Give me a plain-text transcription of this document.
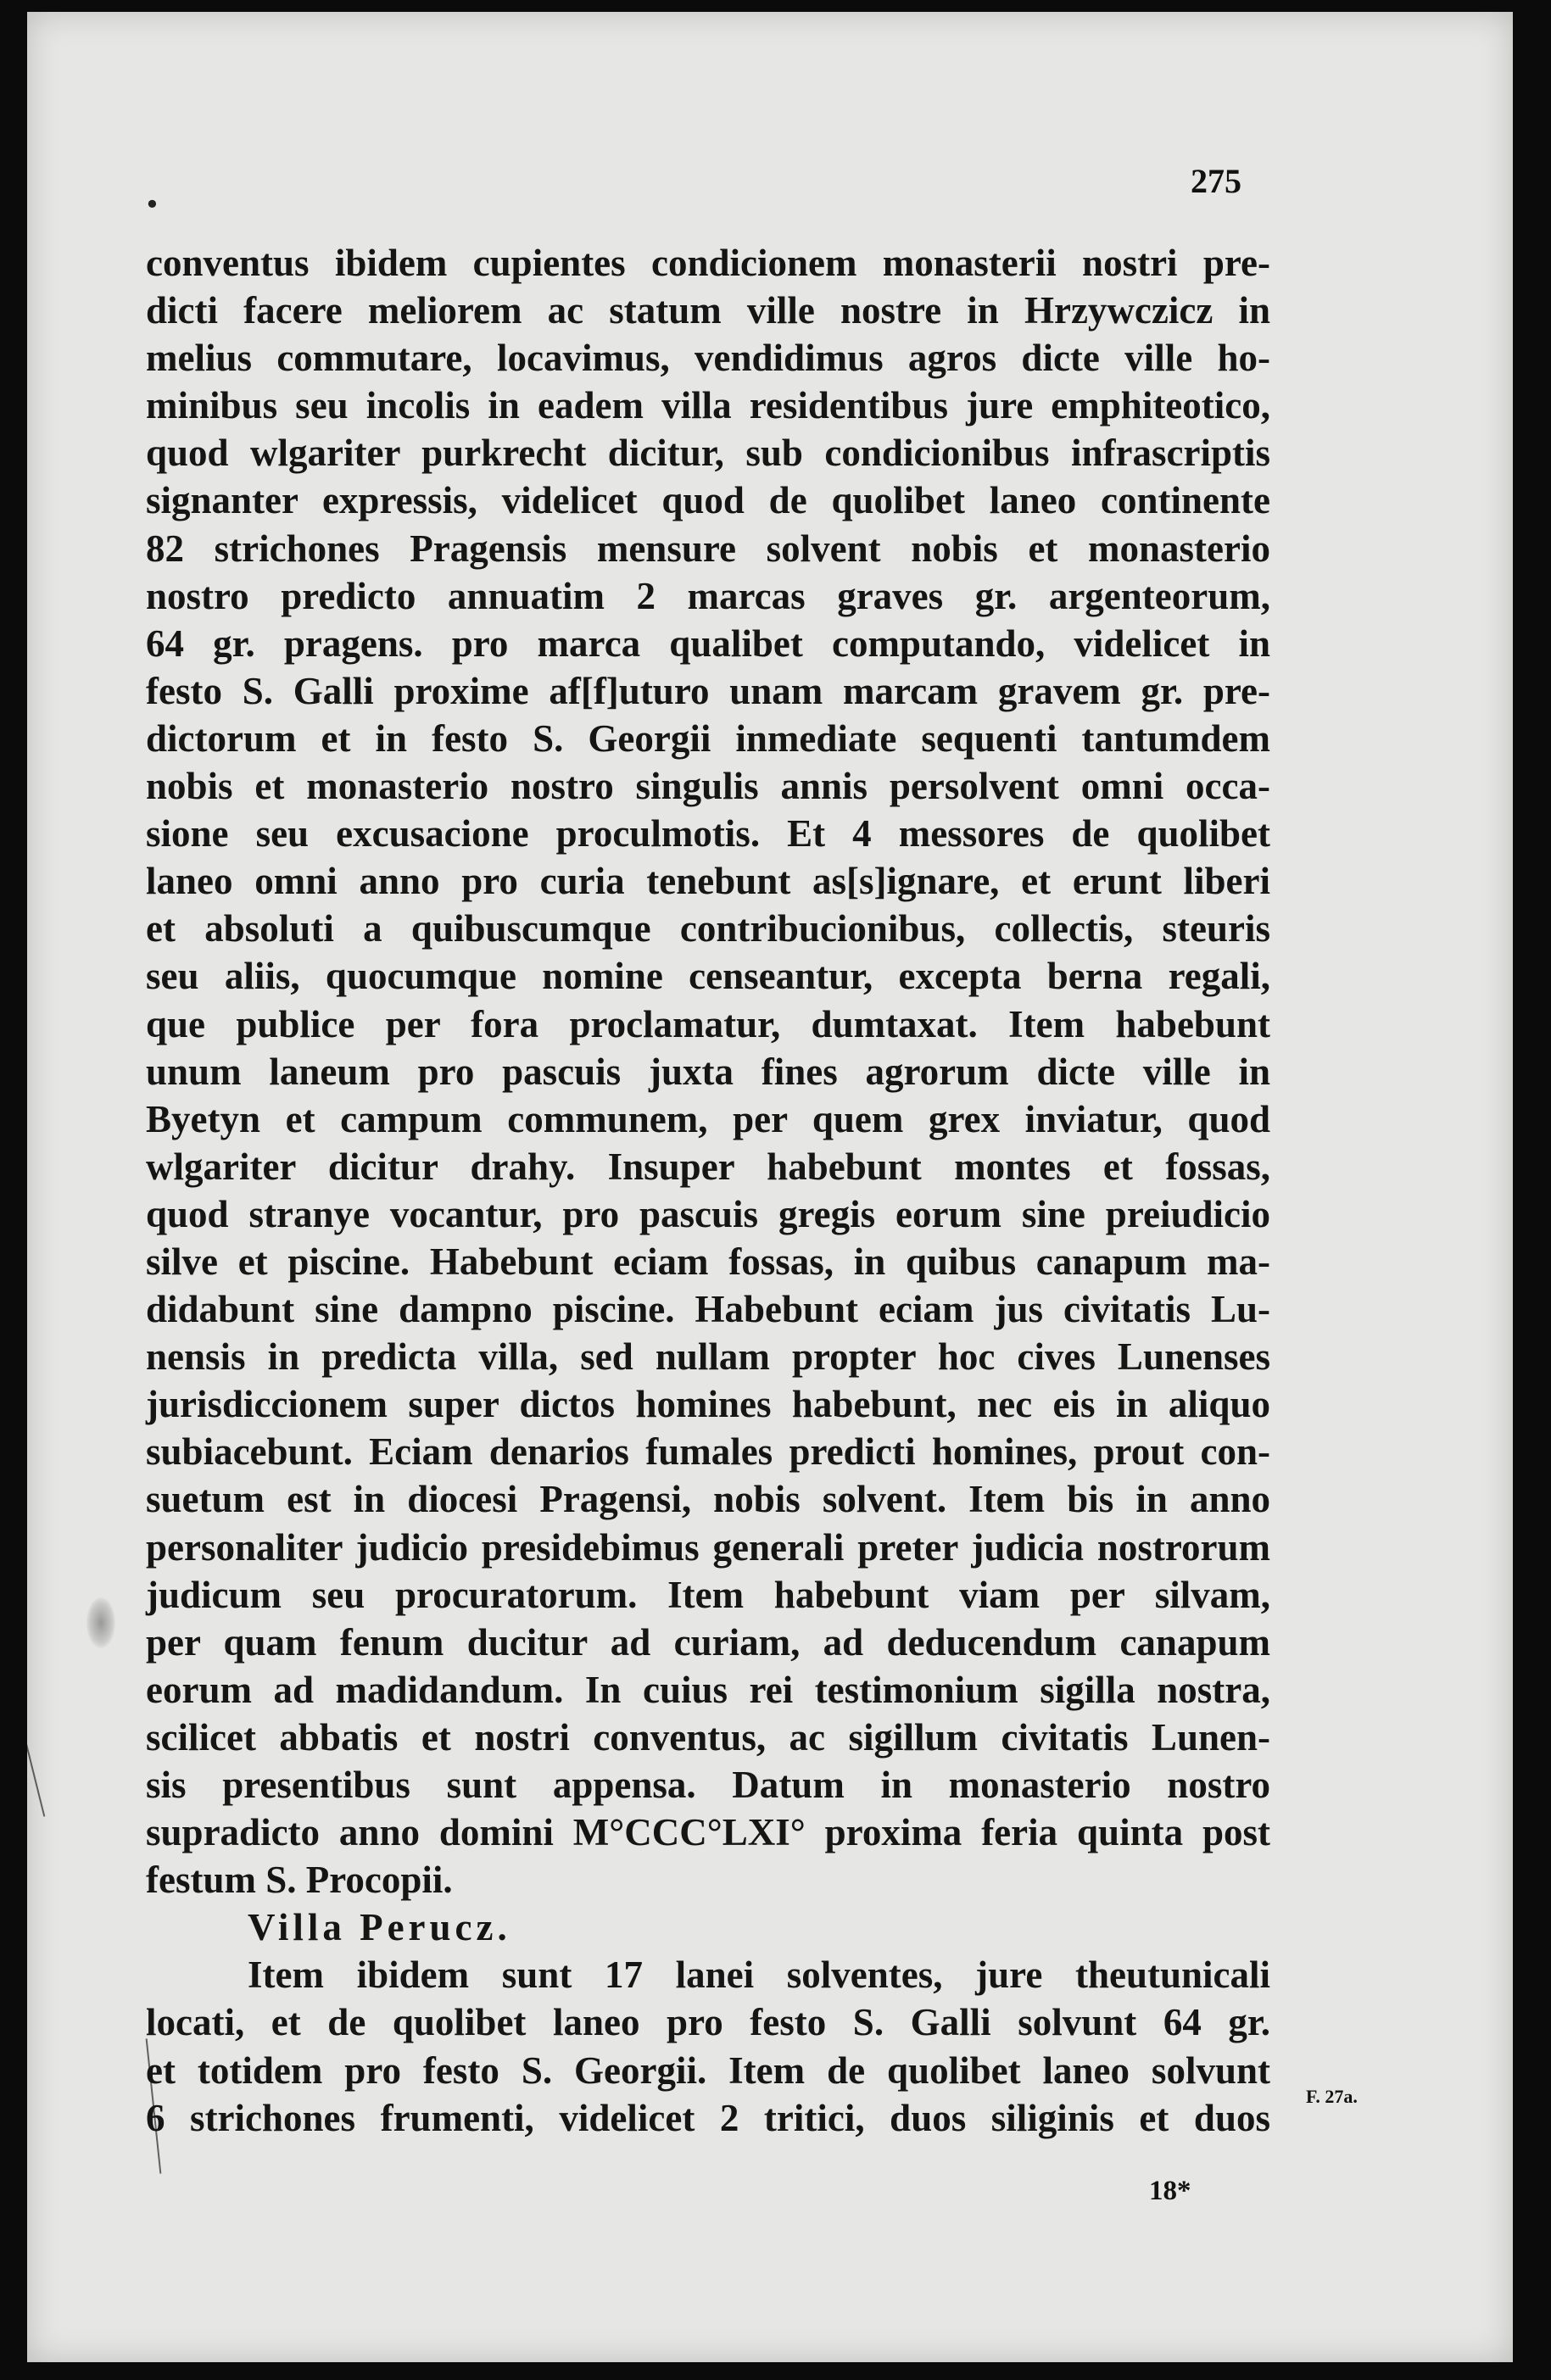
•
275
conventus ibidem cupientes condicionem monasterii nostri pre-
dicti facere meliorem ac statum ville nostre in Hrzywczicz in
melius commutare, locavimus, vendidimus agros dicte ville ho-
minibus seu incolis in eadem villa residentibus jure emphiteotico,
quod wlgariter purkrecht dicitur, sub condicionibus infrascriptis
signanter expressis, videlicet quod de quolibet laneo continente
82 strichones Pragensis mensure solvent nobis et monasterio
nostro predicto annuatim 2 marcas graves gr. argenteorum,
64 gr. pragens. pro marca qualibet computando, videlicet in
festo S. Galli proxime af[f]uturo unam marcam gravem gr. pre-
dictorum et in festo S. Georgii inmediate sequenti tantumdem
nobis et monasterio nostro singulis annis persolvent omni occa-
sione seu excusacione proculmotis. Et 4 messores de quolibet
laneo omni anno pro curia tenebunt as[s]ignare, et erunt liberi
et absoluti a quibuscumque contribucionibus, collectis, steuris
seu aliis, quocumque nomine censeantur, excepta berna regali,
que publice per fora proclamatur, dumtaxat. Item habebunt
unum laneum pro pascuis juxta fines agrorum dicte ville in
Byetyn et campum communem, per quem grex inviatur, quod
wlgariter dicitur drahy. Insuper habebunt montes et fossas,
quod stranye vocantur, pro pascuis gregis eorum sine preiudicio
silve et piscine. Habebunt eciam fossas, in quibus canapum ma-
didabunt sine dampno piscine. Habebunt eciam jus civitatis Lu-
nensis in predicta villa, sed nullam propter hoc cives Lunenses
jurisdiccionem super dictos homines habebunt, nec eis in aliquo
subiacebunt. Eciam denarios fumales predicti homines, prout con-
suetum est in diocesi Pragensi, nobis solvent. Item bis in anno
personaliter judicio presidebimus generali preter judicia nostrorum
judicum seu procuratorum. Item habebunt viam per silvam,
per quam fenum ducitur ad curiam, ad deducendum canapum
eorum ad madidandum. In cuius rei testimonium sigilla nostra,
scilicet abbatis et nostri conventus, ac sigillum civitatis Lunen-
sis presentibus sunt appensa. Datum in monasterio nostro
supradicto anno domini M°CCC°LXI° proxima feria quinta post
festum S. Procopii.
Villa Perucz.
Item ibidem sunt 17 lanei solventes, jure theutunicali
locati, et de quolibet laneo pro festo S. Galli solvunt 64 gr.
et totidem pro festo S. Georgii. Item de quolibet laneo solvunt
6 strichones frumenti, videlicet 2 tritici, duos siliginis et duos
F. 27a.
18*
